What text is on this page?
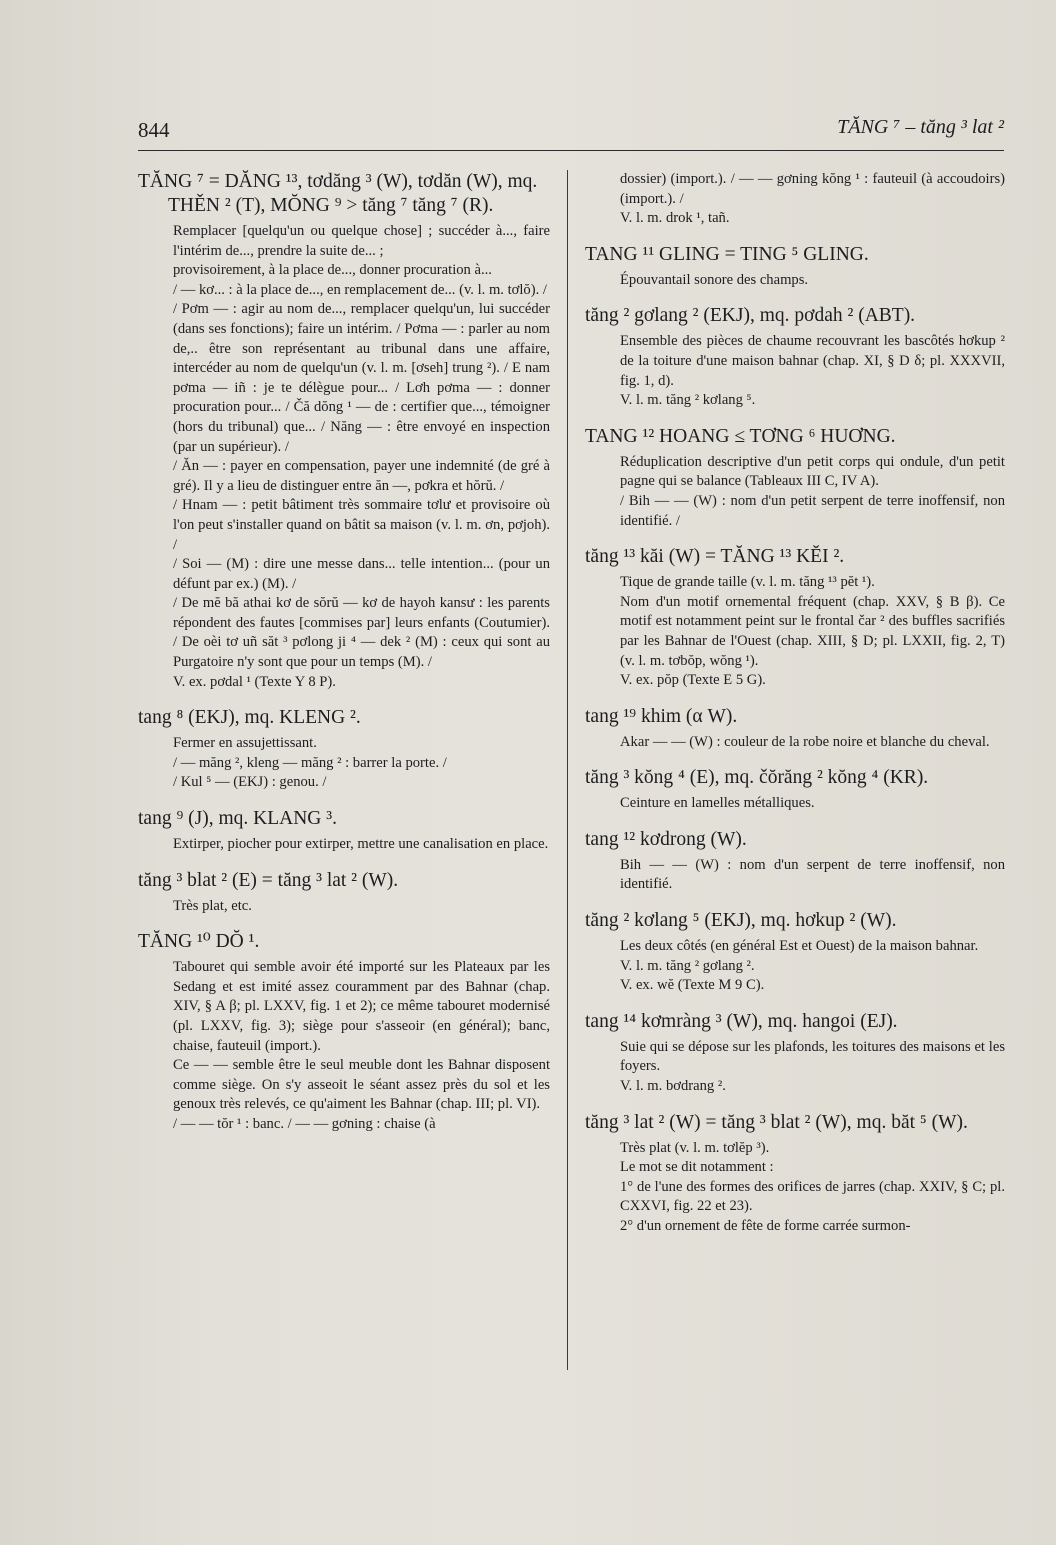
844	TĂNG ⁷ – tăng ³ lat ²
TĂNG ⁷ = DĂNG ¹³, tơdăng ³ (W), tơdăn (W), mq. THĚN ² (T), MŎNG ⁹ > tăng ⁷ tăng ⁷ (R).

Remplacer [quelqu'un ou quelque chose] ; succéder à..., faire l'intérim de..., prendre la suite de... ;

provisoirement, à la place de..., donner procuration à...

/ — kơ... : à la place de..., en remplacement de... (v. l. m. tơlŏ). /

/ Pơm — : agir au nom de..., remplacer quelqu'un, lui succéder (dans ses fonctions); faire un intérim. / Pơma — : parler au nom de,.. être son représentant au tribunal dans une affaire, intercéder au nom de quelqu'un (v. l. m. [ơseh] trung ²). / E nam pơma — iñ : je te délègue pour... / Lơh pơma — : donner procuration pour... / Čă dŏng ¹ — de : certifier que..., témoigner (hors du tribunal) que... / Năng — : être envoyé en inspection (par un supérieur). /

/ Ăn — : payer en compensation, payer une indemnité (de gré à gré). Il y a lieu de distinguer entre ăn —, pơkra et hŏrŭ. /

/ Hnam — : petit bâtiment très sommaire tơlư et provisoire où l'on peut s'installer quand on bâtit sa maison (v. l. m. ơn, pơjoh). /

/ Soi — (M) : dire une messe dans... telle intention... (pour un défunt par ex.) (M). /

/ De mĕ bă athai kơ de sŏrŭ — kơ de hayoh kansư : les parents répondent des fautes [commises par] leurs enfants (Coutumier). / De oèi tơ uñ săt ³ pơlong ji ⁴ — dek ² (M) : ceux qui sont au Purgatoire n'y sont que pour un temps (M). /

V. ex. pơdal ¹ (Texte Y 8 P).

tang ⁸ (EKJ), mq. KLENG ².

Fermer en assujettissant.

/ — măng ², kleng — măng ² : barrer la porte. /

/ Kul ⁵ — (EKJ) : genou. /

tang ⁹ (J), mq. KLANG ³.

Extirper, piocher pour extirper, mettre une canalisation en place.

tăng ³ blat ² (E) = tăng ³ lat ² (W).

Très plat, etc.

TĂNG ¹⁰ DŎ ¹.

Tabouret qui semble avoir été importé sur les Plateaux par les Sedang et est imité assez couramment par des Bahnar (chap. XIV, § A β; pl. LXXV, fig. 1 et 2); ce même tabouret modernisé (pl. LXXV, fig. 3); siège pour s'asseoir (en général); banc, chaise, fauteuil (import.).

Ce — — semble être le seul meuble dont les Bahnar disposent comme siège. On s'y asseoit le séant assez près du sol et les genoux très relevés, ce qu'aiment les Bahnar (chap. III; pl. VI).

/ — — tŏr ¹ : banc. / — — gơning : chaise (à

dossier) (import.). / — — gơning kŏng ¹ : fauteuil (à accoudoirs) (import.). /

V. l. m. drok ¹, tañ.

TANG ¹¹ GLING = TING ⁵ GLING.

Épouvantail sonore des champs.

tăng ² gơlang ² (EKJ), mq. pơdah ² (ABT).

Ensemble des pièces de chaume recouvrant les bascôtés hơkup ² de la toiture d'une maison bahnar (chap. XI, § D δ; pl. XXXVII, fig. 1, d).

V. l. m. tăng ² kơlang ⁵.

TANG ¹² HOANG ≤ TƠNG ⁶ HUƠNG.

Réduplication descriptive d'un petit corps qui ondule, d'un petit pagne qui se balance (Tableaux III C, IV A).

/ Bih — — (W) : nom d'un petit serpent de terre inoffensif, non identifié. /

tăng ¹³ kăi (W) = TĂNG ¹³ KĔI ².

Tique de grande taille (v. l. m. tăng ¹³ pĕt ¹).

Nom d'un motif ornemental fréquent (chap. XXV, § B β). Ce motif est notamment peint sur le frontal čar ² des buffles sacrifiés par les Bahnar de l'Ouest (chap. XIII, § D; pl. LXXII, fig. 2, T) (v. l. m. tơbŏp, wŏng ¹).

V. ex. pŏp (Texte E 5 G).

tang ¹⁹ khim (α W).

Akar — — (W) : couleur de la robe noire et blanche du cheval.

tăng ³ kŏng ⁴ (E), mq. čŏrăng ² kŏng ⁴ (KR).

Ceinture en lamelles métalliques.

tang ¹² kơdrong (W).

Bih — — (W) : nom d'un serpent de terre inoffensif, non identifié.

tăng ² kơlang ⁵ (EKJ), mq. hơkup ² (W).

Les deux côtés (en général Est et Ouest) de la maison bahnar.

V. l. m. tăng ² gơlang ².

V. ex. wĕ (Texte M 9 C).

tang ¹⁴ kơmràng ³ (W), mq. hangoi (EJ).

Suie qui se dépose sur les plafonds, les toitures des maisons et les foyers.

V. l. m. bơdrang ².

tăng ³ lat ² (W) = tăng ³ blat ² (W), mq. băt ⁵ (W).

Très plat (v. l. m. tơlĕp ³).

Le mot se dit notamment :

1° de l'une des formes des orifices de jarres (chap. XXIV, § C; pl. CXXVI, fig. 22 et 23).

2° d'un ornement de fête de forme carrée surmon-
